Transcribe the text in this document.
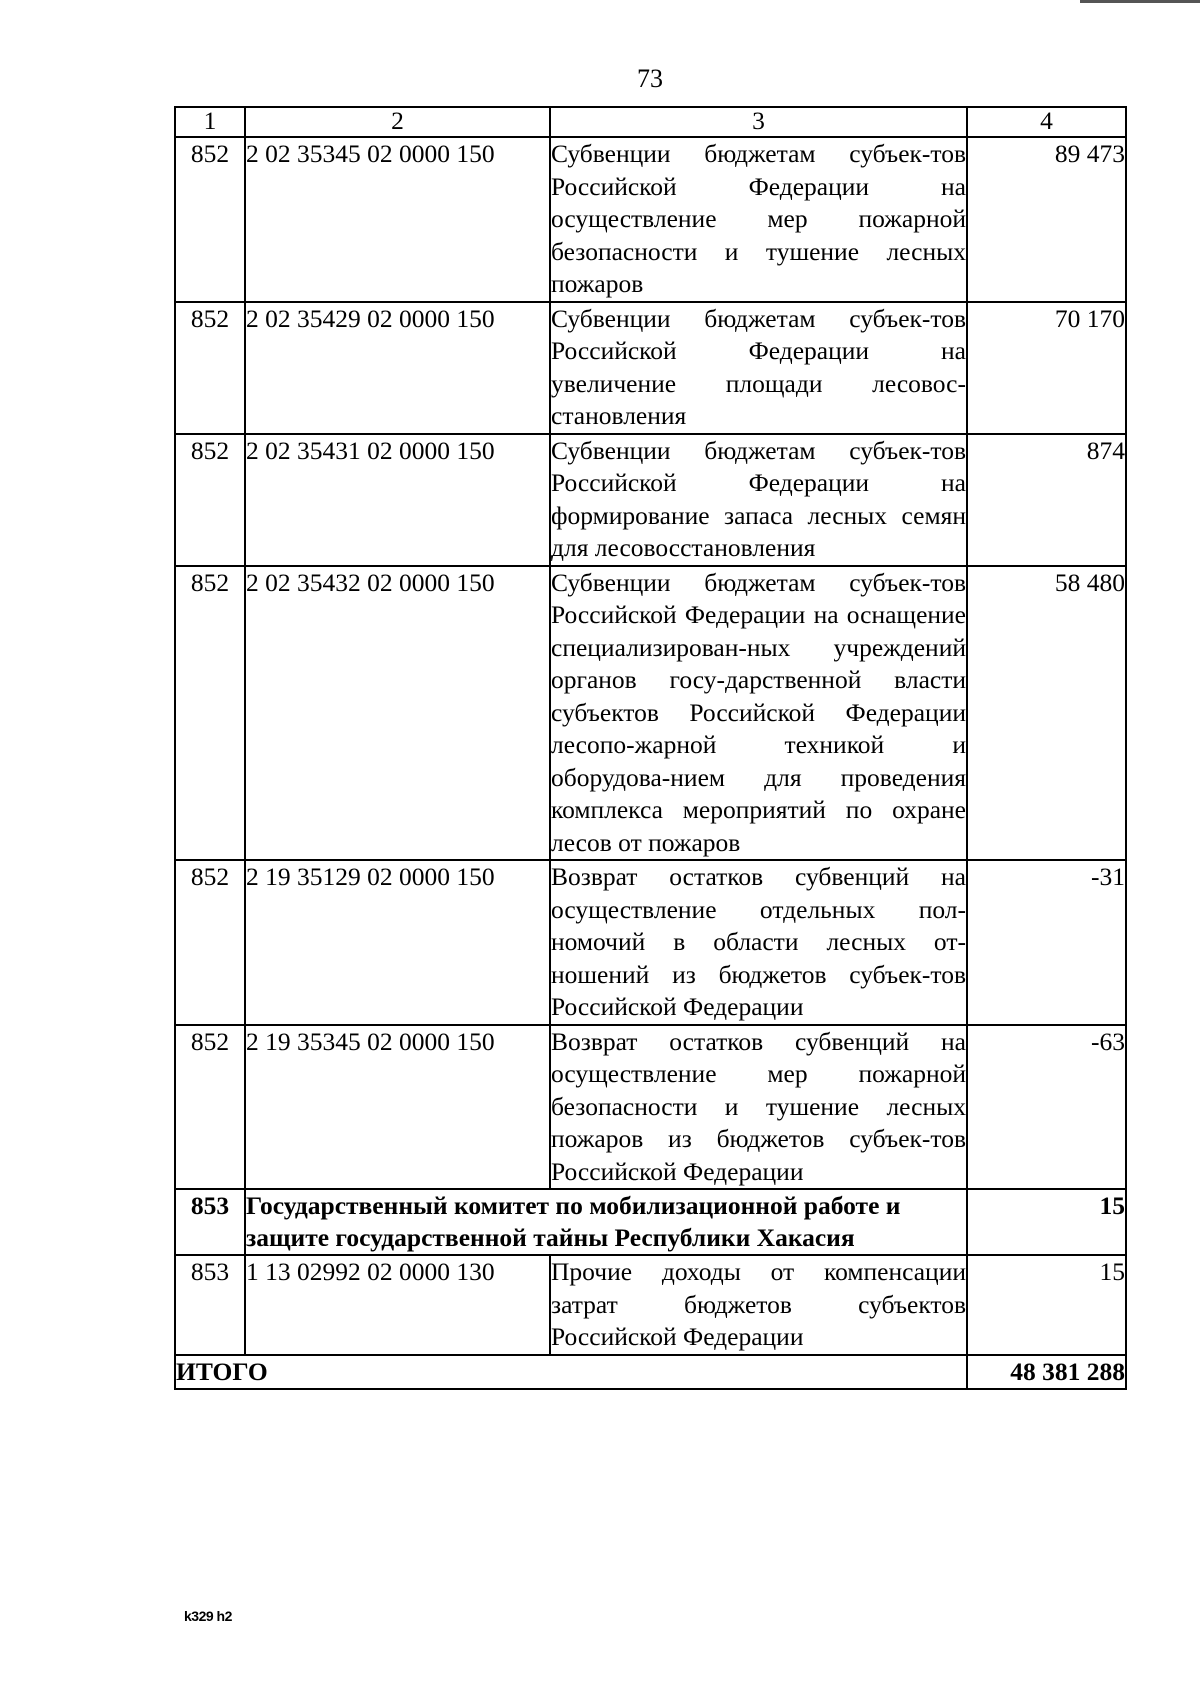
73
1	2	3	4
852	2 02 35345 02 0000 150	Субвенции бюджетам субъек-тов Российской Федерации на осуществление мер пожарной безопасности и тушение лесных пожаров	89 473
852	2 02 35429 02 0000 150	Субвенции бюджетам субъек-тов Российской Федерации на увеличение площади лесовос-становления	70 170
852	2 02 35431 02 0000 150	Субвенции бюджетам субъек-тов Российской Федерации на формирование запаса лесных семян для лесовосстановления	874
852	2 02 35432 02 0000 150	Субвенции бюджетам субъек-тов Российской Федерации на оснащение специализирован-ных учреждений органов госу-дарственной власти субъектов Российской Федерации лесопо-жарной техникой и оборудова-нием для проведения комплекса мероприятий по охране лесов от пожаров	58 480
852	2 19 35129 02 0000 150	Возврат остатков субвенций на осуществление отдельных пол-номочий в области лесных от-ношений из бюджетов субъек-тов Российской Федерации	-31
852	2 19 35345 02 0000 150	Возврат остатков субвенций на осуществление мер пожарной безопасности и тушение лесных пожаров из бюджетов субъек-тов Российской Федерации	-63
853	Государственный комитет по мобилизационной работе и защите государственной тайны Республики Хакасия		15
853	1 13 02992 02 0000 130	Прочие доходы от компенсации затрат бюджетов субъектов Российской Федерации	15
ИТОГО			48 381 288
k329 h2
